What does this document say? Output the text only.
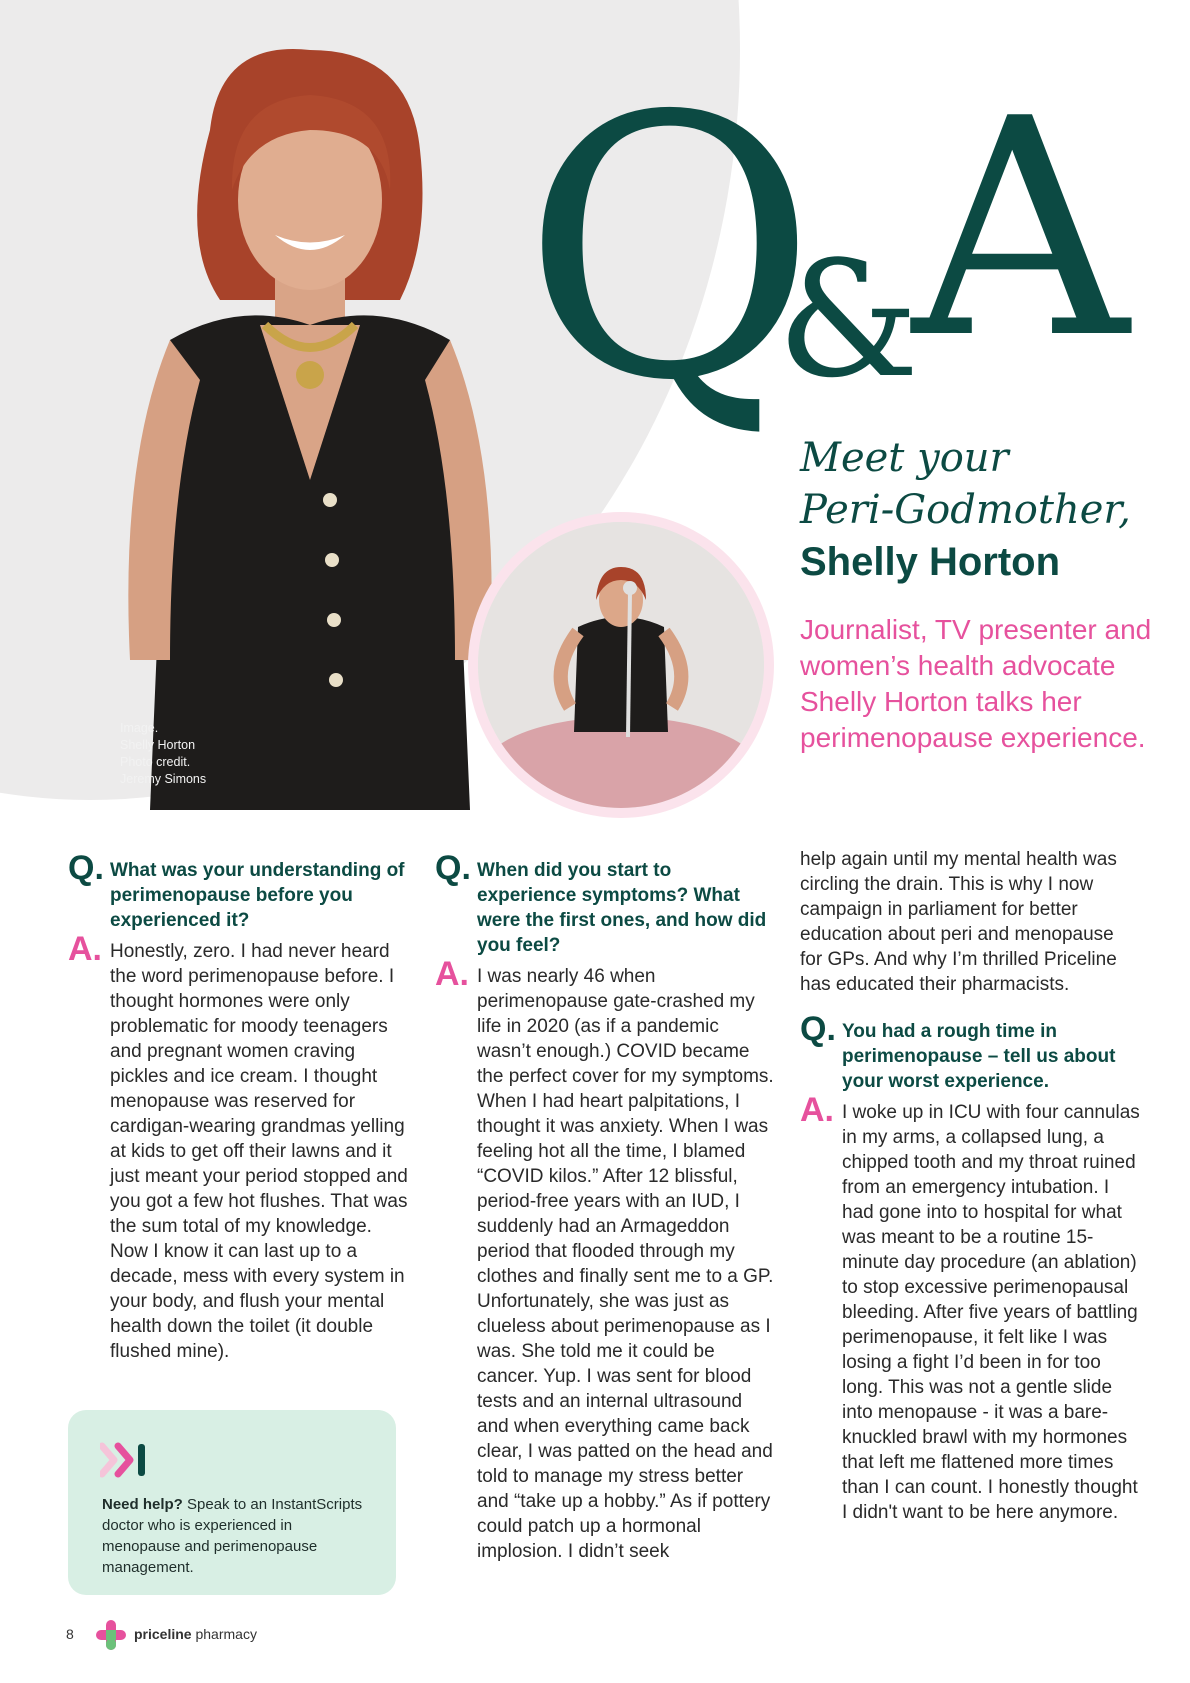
Image.
Shelly Horton
Photo credit.
Jeremy Simons
Q
&
A
Meet your
Peri-Godmother,
Shelly Horton
Journalist, TV presenter and women’s health advocate Shelly Horton talks her perimenopause experience.
Q. What was your understanding of perimenopause before you experienced it?
A. Honestly, zero. I had never heard the word perimenopause before. I thought hormones were only problematic for moody teenagers and pregnant women craving pickles and ice cream. I thought menopause was reserved for cardigan-wearing grandmas yelling at kids to get off their lawns and it just meant your period stopped and you got a few hot flushes. That was the sum total of my knowledge. Now I know it can last up to a decade, mess with every system in your body, and flush your mental health down the toilet (it double flushed mine).
Need help? Speak to an InstantScripts doctor who is experienced in menopause and perimenopause management.
Q. When did you start to experience symptoms? What were the first ones, and how did you feel?
A. I was nearly 46 when perimenopause gate-crashed my life in 2020 (as if a pandemic wasn’t enough.) COVID became the perfect cover for my symptoms. When I had heart palpitations, I thought it was anxiety. When I was feeling hot all the time, I blamed “COVID kilos.” After 12 blissful, period-free years with an IUD, I suddenly had an Armageddon period that flooded through my clothes and finally sent me to a GP. Unfortunately, she was just as clueless about perimenopause as I was. She told me it could be cancer. Yup. I was sent for blood tests and an internal ultrasound and when everything came back clear, I was patted on the head and told to manage my stress better and “take up a hobby.” As if pottery could patch up a hormonal implosion. I didn’t seek
help again until my mental health was circling the drain. This is why I now campaign in parliament for better education about peri and menopause for GPs. And why I’m thrilled Priceline has educated their pharmacists.
Q. You had a rough time in perimenopause – tell us about your worst experience.
A. I woke up in ICU with four cannulas in my arms, a collapsed lung, a chipped tooth and my throat ruined from an emergency intubation. I had gone into to hospital for what was meant to be a routine 15-minute day procedure (an ablation) to stop excessive perimenopausal bleeding. After five years of battling perimenopause, it felt like I was losing a fight I’d been in for too long. This was not a gentle slide into menopause - it was a bare-knuckled brawl with my hormones that left me flattened more times than I can count. I honestly thought I didn't want to be here anymore.
8	priceline pharmacy
